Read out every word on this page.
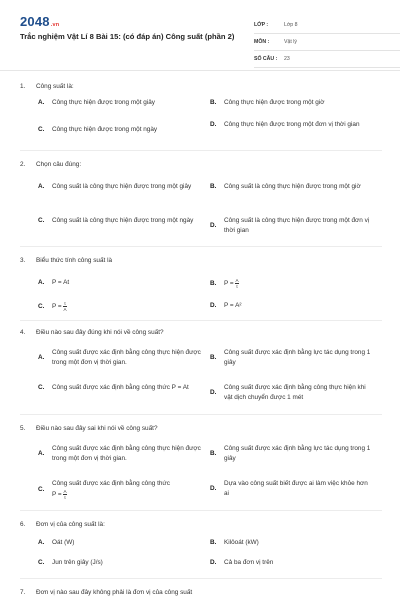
2048.vn
Trắc nghiệm Vật Lí 8 Bài 15: (có đáp án) Công suất (phần 2)
LỚP :	Lớp 8
MÔN :	Vật lý
SỐ CÂU :	23
1.	Công suất là:
A.	Công thực hiện được trong một giây	B.	Công thực hiện được trong một giờ
C.	Công thực hiện được trong một ngày
D.	Công thực hiện được trong một đơn vị thời gian
2.	Chọn câu đúng:
A.	Công suất là công thực hiện được trong một giây	B.	Công suất là công thực hiện được trong một giờ
C.	Công suất là công thực hiện được trong một ngày
D.
Công suất là công thực hiện được trong một đơn vị thời gian
3.	Biểu thức tính công suất là
A.	P = At	B.	$P = \frac{A}{t}$
C.	$P = \frac{t}{A}$	D.	P = A²
4.	Điều nào sau đây đúng khi nói về công suất?
A.
Công suất được xác định bằng công thực hiện được trong một đơn vị thời gian.
B.
Công suất được xác định bằng lực tác dụng trong 1 giây
C.	Công suất được xác định bằng công thức P = At
D.
Công suất được xác định bằng công thực hiện khi vật dịch chuyển được 1 mét
5.	Điều nào sau đây sai khi nói về công suất?
A.
Công suất được xác định bằng công thực hiện được trong một đơn vị thời gian.
B.
Công suất được xác định bằng lực tác dụng trong 1 giây
C.
Công suất được xác định bằng công thức
$P = \frac{A}{t}$
D.
Dựa vào công suất biết được ai làm việc khỏe hơn ai
6.	Đơn vị của công suất là:
A.	Oát (W)	B.	Kilôoát (kW)
C.	Jun trên giây (J/s)	D.	Cả ba đơn vị trên
7.	Đơn vị nào sau đây không phải là đơn vị của công suất
